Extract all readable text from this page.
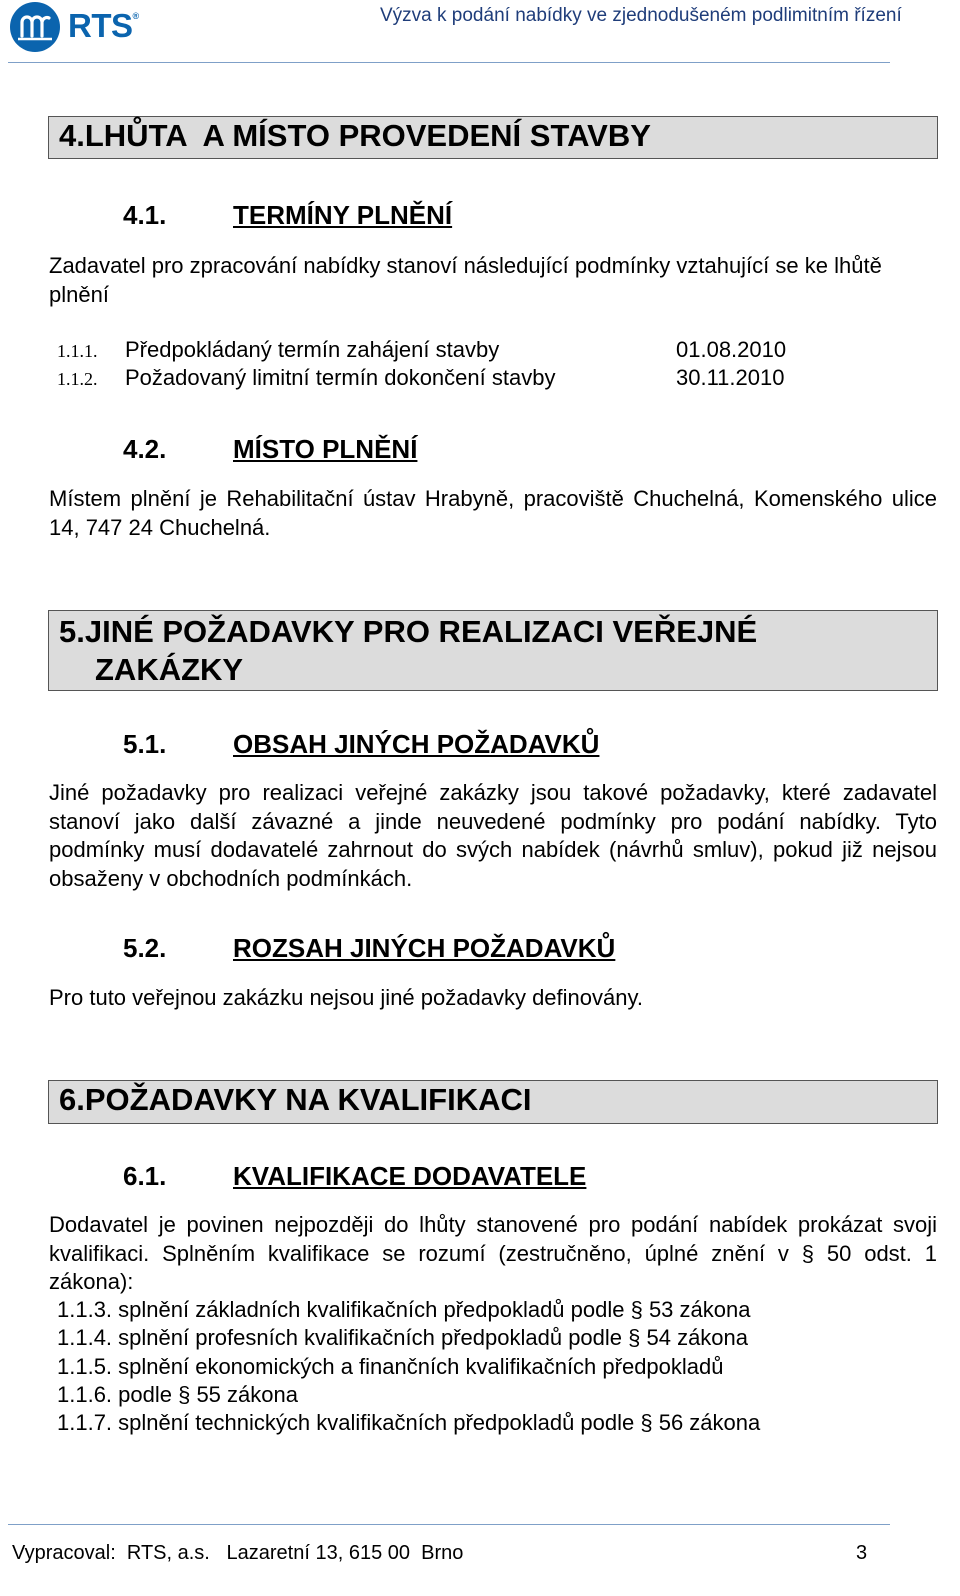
RTS®	Výzva k podání nabídky ve zjednodušeném podlimitním řízení
4.LHŮTA  A MÍSTO PROVEDENÍ STAVBY
4.1.	TERMÍNY PLNĚNÍ
Zadavatel pro zpracování nabídky stanoví následující podmínky vztahující se ke lhůtě plnění
1.1.1. Předpokládaný termín zahájení stavby	01.08.2010
1.1.2. Požadovaný limitní termín dokončení stavby	30.11.2010
4.2.	MÍSTO PLNĚNÍ
Místem plnění je Rehabilitační ústav Hrabyně, pracoviště Chuchelná, Komenského ulice 14, 747 24 Chuchelná.
5.JINÉ POŽADAVKY PRO REALIZACI VEŘEJNÉ
ZAKÁZKY
5.1.	OBSAH JINÝCH POŽADAVKŮ
Jiné požadavky pro realizaci veřejné zakázky jsou takové požadavky, které zadavatel stanoví jako další závazné a jinde neuvedené podmínky pro podání nabídky. Tyto podmínky musí dodavatelé zahrnout do svých nabídek (návrhů smluv), pokud již nejsou obsaženy v obchodních podmínkách.
5.2.	ROZSAH JINÝCH POŽADAVKŮ
Pro tuto veřejnou zakázku nejsou jiné požadavky definovány.
6.POŽADAVKY NA KVALIFIKACI
6.1.	KVALIFIKACE DODAVATELE
Dodavatel je povinen nejpozději do lhůty stanovené pro podání nabídek prokázat svoji kvalifikaci. Splněním kvalifikace se rozumí (zestručněno, úplné znění v § 50 odst. 1 zákona):
1.1.3. splnění základních kvalifikačních předpokladů podle § 53 zákona
1.1.4. splnění profesních kvalifikačních předpokladů podle § 54 zákona
1.1.5. splnění ekonomických a finančních kvalifikačních předpokladů
1.1.6. podle § 55 zákona
1.1.7. splnění technických kvalifikačních předpokladů podle § 56 zákona
Vypracoval:  RTS, a.s.   Lazaretní 13, 615 00  Brno	3
